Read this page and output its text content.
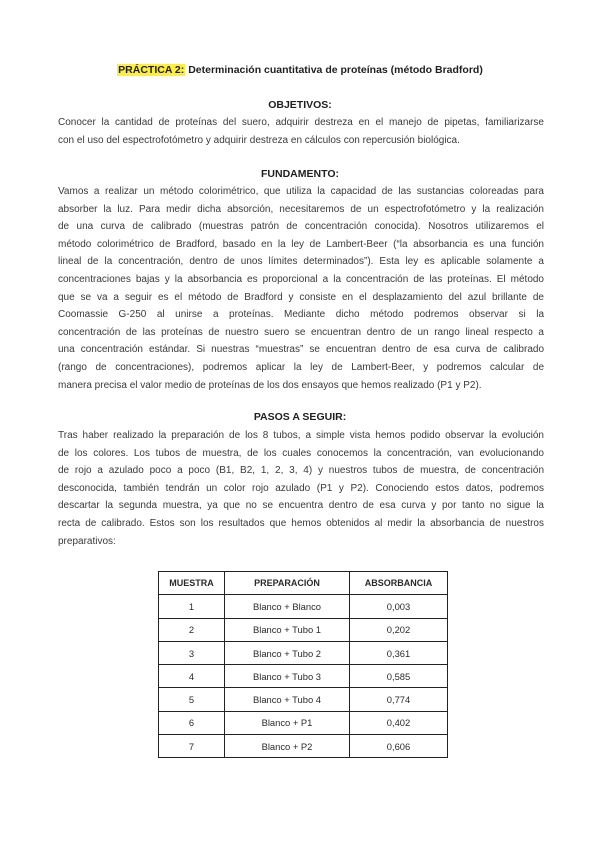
PRÁCTICA 2: Determinación cuantitativa de proteínas (método Bradford)
OBJETIVOS:
Conocer la cantidad de proteínas del suero, adquirir destreza en el manejo de pipetas, familiarizarse
con el uso del espectrofotómetro y adquirir destreza en cálculos con repercusión biológica.
FUNDAMENTO:
Vamos a realizar un método colorimétrico, que utiliza la capacidad de las sustancias coloreadas para
absorber la luz. Para medir dicha absorción, necesitaremos de un espectrofotómetro y la realización
de una curva de calibrado (muestras patrón de concentración conocida). Nosotros utilizaremos el
método colorimétrico de Bradford, basado en la ley de Lambert-Beer (“la absorbancia es una función
lineal de la concentración, dentro de unos límites determinados”). Esta ley es aplicable solamente a
concentraciones bajas y la absorbancia es proporcional a la concentración de las proteínas. El método
que se va a seguir es el método de Bradford y consiste en el desplazamiento del azul brillante de
Coomassie G-250 al unirse a proteínas. Mediante dicho método podremos observar si la
concentración de las proteínas de nuestro suero se encuentran dentro de un rango lineal respecto a
una concentración estándar. Si nuestras “muestras” se encuentran dentro de esa curva de calibrado
(rango de concentraciones), podremos aplicar la ley de Lambert-Beer, y podremos calcular de
manera precisa el valor medio de proteínas de los dos ensayos que hemos realizado (P1 y P2).
PASOS A SEGUIR:
Tras haber realizado la preparación de los 8 tubos, a simple vista hemos podido observar la evolución
de los colores. Los tubos de muestra, de los cuales conocemos la concentración, van evolucionando
de rojo a azulado poco a poco (B1, B2, 1, 2, 3, 4) y nuestros tubos de muestra, de concentración
desconocida, también tendrán un color rojo azulado (P1 y P2). Conociendo estos datos, podremos
descartar la segunda muestra, ya que no se encuentra dentro de esa curva y por tanto no sigue la
recta de calibrado. Estos son los resultados que hemos obtenidos al medir la absorbancia de nuestros
preparativos:
MUESTRA	PREPARACIÓN	ABSORBANCIA
1	Blanco + Blanco	0,003
2	Blanco + Tubo 1	0,202
3	Blanco + Tubo 2	0,361
4	Blanco + Tubo 3	0,585
5	Blanco + Tubo 4	0,774
6	Blanco + P1	0,402
7	Blanco + P2	0,606
